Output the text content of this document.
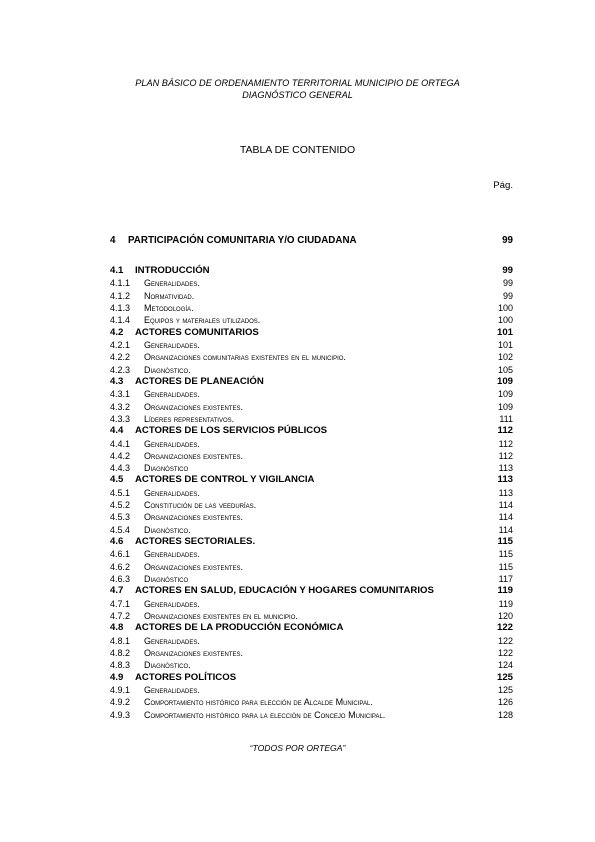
PLAN BÁSICO DE ORDENAMIENTO TERRITORIAL MUNICIPIO DE ORTEGA
DIAGNÓSTICO GENERAL
TABLA DE CONTENIDO
Pág.
4 PARTICIPACIÓN COMUNITARIA Y/O CIUDADANA	99
4.1 INTRODUCCIÓN	99
4.1.1 Generalidades.	99
4.1.2 Normatividad.	99
4.1.3 Metodología.	100
4.1.4 Equipos y materiales utilizados.	100
4.2 ACTORES COMUNITARIOS	101
4.2.1 Generalidades.	101
4.2.2 Organizaciones comunitarias existentes en el municipio.	102
4.2.3 Diagnóstico.	105
4.3 ACTORES DE PLANEACIÓN	109
4.3.1 Generalidades.	109
4.3.2 Organizaciones existentes.	109
4.3.3 Líderes representativos.	111
4.4 ACTORES DE LOS SERVICIOS PÚBLICOS	112
4.4.1 Generalidades.	112
4.4.2 Organizaciones existentes.	112
4.4.3 Diagnóstico	113
4.5 ACTORES DE CONTROL Y VIGILANCIA	113
4.5.1 Generalidades.	113
4.5.2 Constitución de las veedurías.	114
4.5.3 Organizaciones existentes.	114
4.5.4 Diagnóstico.	114
4.6 ACTORES SECTORIALES.	115
4.6.1 Generalidades.	115
4.6.2 Organizaciones existentes.	115
4.6.3 Diagnóstico	117
4.7 ACTORES EN SALUD, EDUCACIÓN Y HOGARES COMUNITARIOS	119
4.7.1 Generalidades.	119
4.7.2 Organizaciones existentes en el municipio.	120
4.8 ACTORES DE LA PRODUCCIÓN ECONÓMICA	122
4.8.1 Generalidades.	122
4.8.2 Organizaciones existentes.	122
4.8.3 Diagnóstico.	124
4.9 ACTORES POLÍTICOS	125
4.9.1 Generalidades.	125
4.9.2 Comportamiento histórico para elección de Alcalde Municipal.	126
4.9.3 Comportamiento histórico para la elección de Concejo Municipal.	128
“TODOS POR ORTEGA”
